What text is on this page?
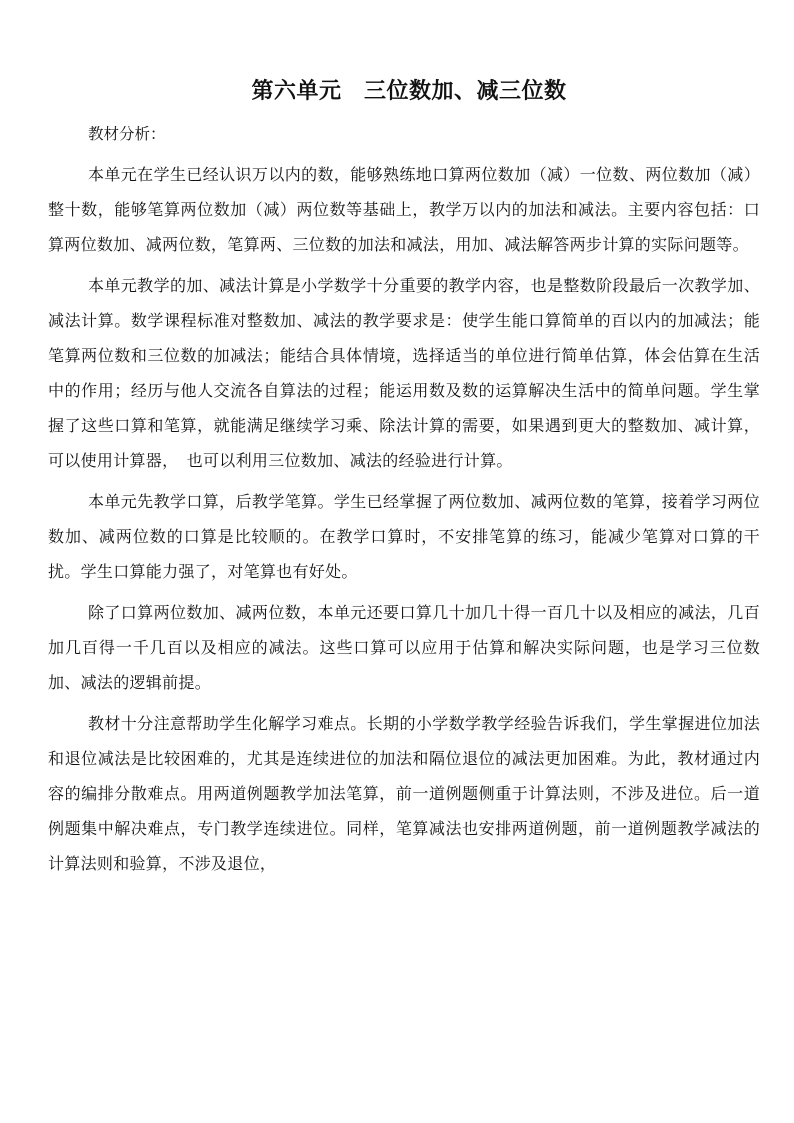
第六单元　三位数加、减三位数

教材分析：

本单元在学生已经认识万以内的数，能够熟练地口算两位数加（减）一位数、两位数加（减）整十数，能够笔算两位数加（减）两位数等基础上，教学万以内的加法和减法。主要内容包括：口算两位数加、减两位数，笔算两、三位数的加法和减法，用加、减法解答两步计算的实际问题等。

本单元教学的加、减法计算是小学数学十分重要的教学内容，也是整数阶段最后一次教学加、减法计算。数学课程标准对整数加、减法的教学要求是：使学生能口算简单的百以内的加减法；能笔算两位数和三位数的加减法；能结合具体情境，选择适当的单位进行简单估算，体会估算在生活中的作用；经历与他人交流各自算法的过程；能运用数及数的运算解决生活中的简单问题。学生掌握了这些口算和笔算，就能满足继续学习乘、除法计算的需要，如果遇到更大的整数加、减计算，可以使用计算器，　也可以利用三位数加、减法的经验进行计算。

本单元先教学口算，后教学笔算。学生已经掌握了两位数加、减两位数的笔算，接着学习两位数加、减两位数的口算是比较顺的。在教学口算时，不安排笔算的练习，能减少笔算对口算的干扰。学生口算能力强了，对笔算也有好处。

除了口算两位数加、减两位数，本单元还要口算几十加几十得一百几十以及相应的减法，几百加几百得一千几百以及相应的减法。这些口算可以应用于估算和解决实际问题，也是学习三位数加、减法的逻辑前提。

教材十分注意帮助学生化解学习难点。长期的小学数学教学经验告诉我们，学生掌握进位加法和退位减法是比较困难的，尤其是连续进位的加法和隔位退位的减法更加困难。为此，教材通过内容的编排分散难点。用两道例题教学加法笔算，前一道例题侧重于计算法则，不涉及进位。后一道例题集中解决难点，专门教学连续进位。同样，笔算减法也安排两道例题，前一道例题教学减法的计算法则和验算，不涉及退位，
